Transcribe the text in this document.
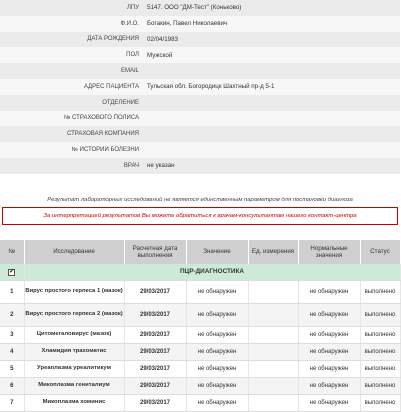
ЛПУ	5147. ООО "ДМ-Тест" (Коньково)
Ф.И.О.	Богакин, Павел Николаевич
ДАТА РОЖДЕНИЯ	02/04/1983
ПОЛ	Мужской
EMAIL
АДРЕС ПАЦИЕНТА	Тульская обл. Богородицк Шахтный пр-д 5-1
ОТДЕЛЕНИЕ
№ СТРАХОВОГО ПОЛИСА
СТРАХОВАЯ КОМПАНИЯ
№ ИСТОРИИ БОЛЕЗНИ
ВРАЧ	не указан
Результат лабораторных исследований не является единственным параметром для постановки диагноза
За интерпретацией результатов Вы можете обратиться к врачам-консультантам нашего контакт-центра
№	Исследование	Расчетная дата выполнения	Значение	Ед. измерения	Нормальные значения	Статус
✔	ПЦР-ДИАГНОСТИКА					
1	Вирус простого герпеса 1 (мазок)	29/03/2017	не обнаружен		не обнаружен	выполнено
2	Вирус простого герпеса 2 (мазок)	29/03/2017	не обнаружен		не обнаружен	выполнено
3	Цитомегаловирус (мазок)	29/03/2017	не обнаружен		не обнаружен	выполнено
4	Хламидия трахоматис	29/03/2017	не обнаружен		не обнаружен	выполнено
5	Уреаплазма уреалитикум	29/03/2017	не обнаружен		не обнаружен	выполнено
6	Микоплазма гениталиум	29/03/2017	не обнаружен		не обнаружен	выполнено
7	Микоплазма хоминис	29/03/2017	не обнаружен		не обнаружен	выполнено
